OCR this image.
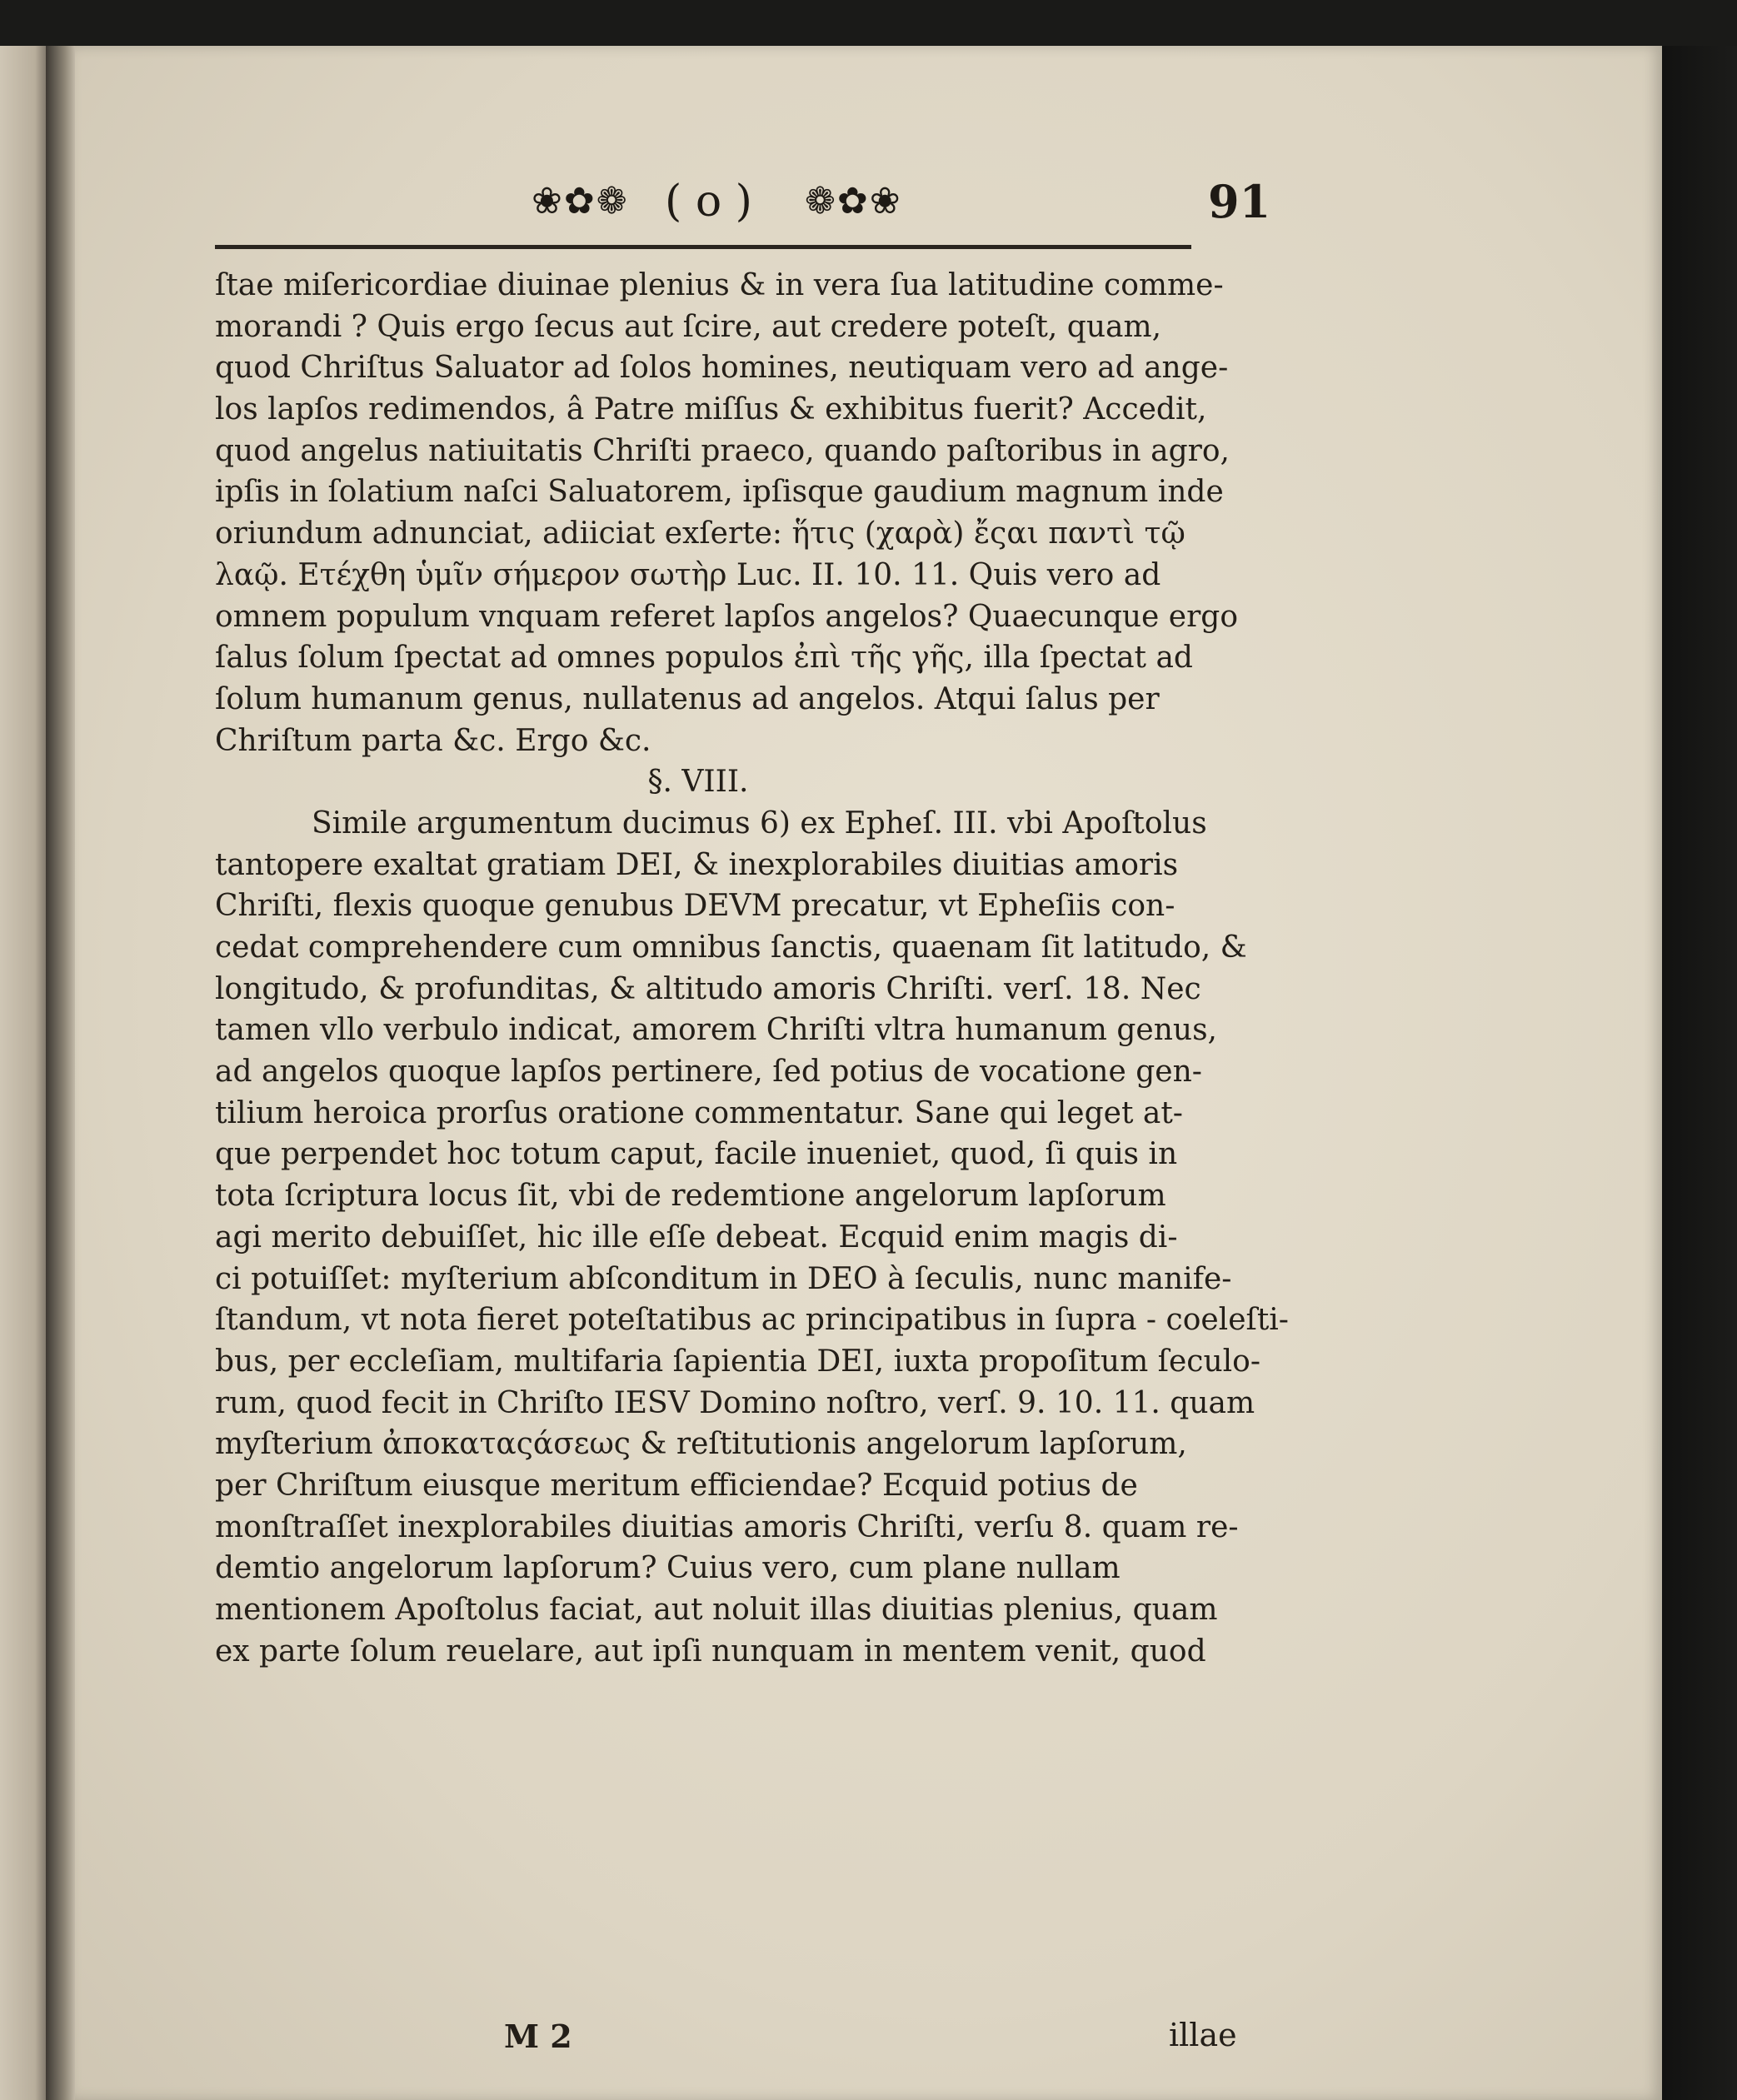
❀✿❁ ( o ) ❁✿❀	91
ſtae miſericordiae diuinae plenius & in vera ſua latitudine comme-
morandi ? Quis ergo ſecus aut ſcire, aut credere poteſt, quam,
quod Chriſtus Saluator ad ſolos homines, neutiquam vero ad ange-
los lapſos redimendos, â Patre miſſus & exhibitus fuerit? Accedit,
quod angelus natiuitatis Chriſti praeco, quando paſtoribus in agro,
ipſis in ſolatium naſci Saluatorem, ipſisque gaudium magnum inde
oriundum adnunciat, adiiciat exſerte: ἥτις (χαρὰ) ἔςαι παντὶ τῷ
λαῷ. Ετέχθη ὑμῖν σήμερον σωτὴρ Luc. II. 10. 11. Quis vero ad
omnem populum vnquam referet lapſos angelos? Quaecunque ergo
ſalus ſolum ſpectat ad omnes populos ἐπὶ τῆς γῆς, illa ſpectat ad
ſolum humanum genus, nullatenus ad angelos. Atqui ſalus per
Chriſtum parta &c. Ergo &c.
§. VIII.
Simile argumentum ducimus 6) ex Epheſ. III. vbi Apoſtolus
tantopere exaltat gratiam DEI, & inexplorabiles diuitias amoris
Chriſti, flexis quoque genubus DEVM precatur, vt Epheſiis con-
cedat comprehendere cum omnibus ſanctis, quaenam ſit latitudo, &
longitudo, & profunditas, & altitudo amoris Chriſti. verſ. 18. Nec
tamen vllo verbulo indicat, amorem Chriſti vltra humanum genus,
ad angelos quoque lapſos pertinere, ſed potius de vocatione gen-
tilium heroica prorſus oratione commentatur. Sane qui leget at-
que perpendet hoc totum caput, facile inueniet, quod, ſi quis in
tota ſcriptura locus ſit, vbi de redemtione angelorum lapſorum
agi merito debuiſſet, hic ille eſſe debeat. Ecquid enim magis di-
ci potuiſſet: myſterium abſconditum in DEO à ſeculis, nunc manife-
ſtandum, vt nota fieret poteſtatibus ac principatibus in ſupra - coeleſti-
bus, per eccleſiam, multifaria ſapientia DEI, iuxta propoſitum ſeculo-
rum, quod fecit in Chriſto IESV Domino noſtro, verſ. 9. 10. 11. quam
myſterium ἀποκαταςάσεως & reſtitutionis angelorum lapſorum,
per Chriſtum eiusque meritum efficiendae? Ecquid potius de
monſtraſſet inexplorabiles diuitias amoris Chriſti, verſu 8. quam re-
demtio angelorum lapſorum? Cuius vero, cum plane nullam
mentionem Apoſtolus faciat, aut noluit illas diuitias plenius, quam
ex parte ſolum reuelare, aut ipſi nunquam in mentem venit, quod
M 2	illae
